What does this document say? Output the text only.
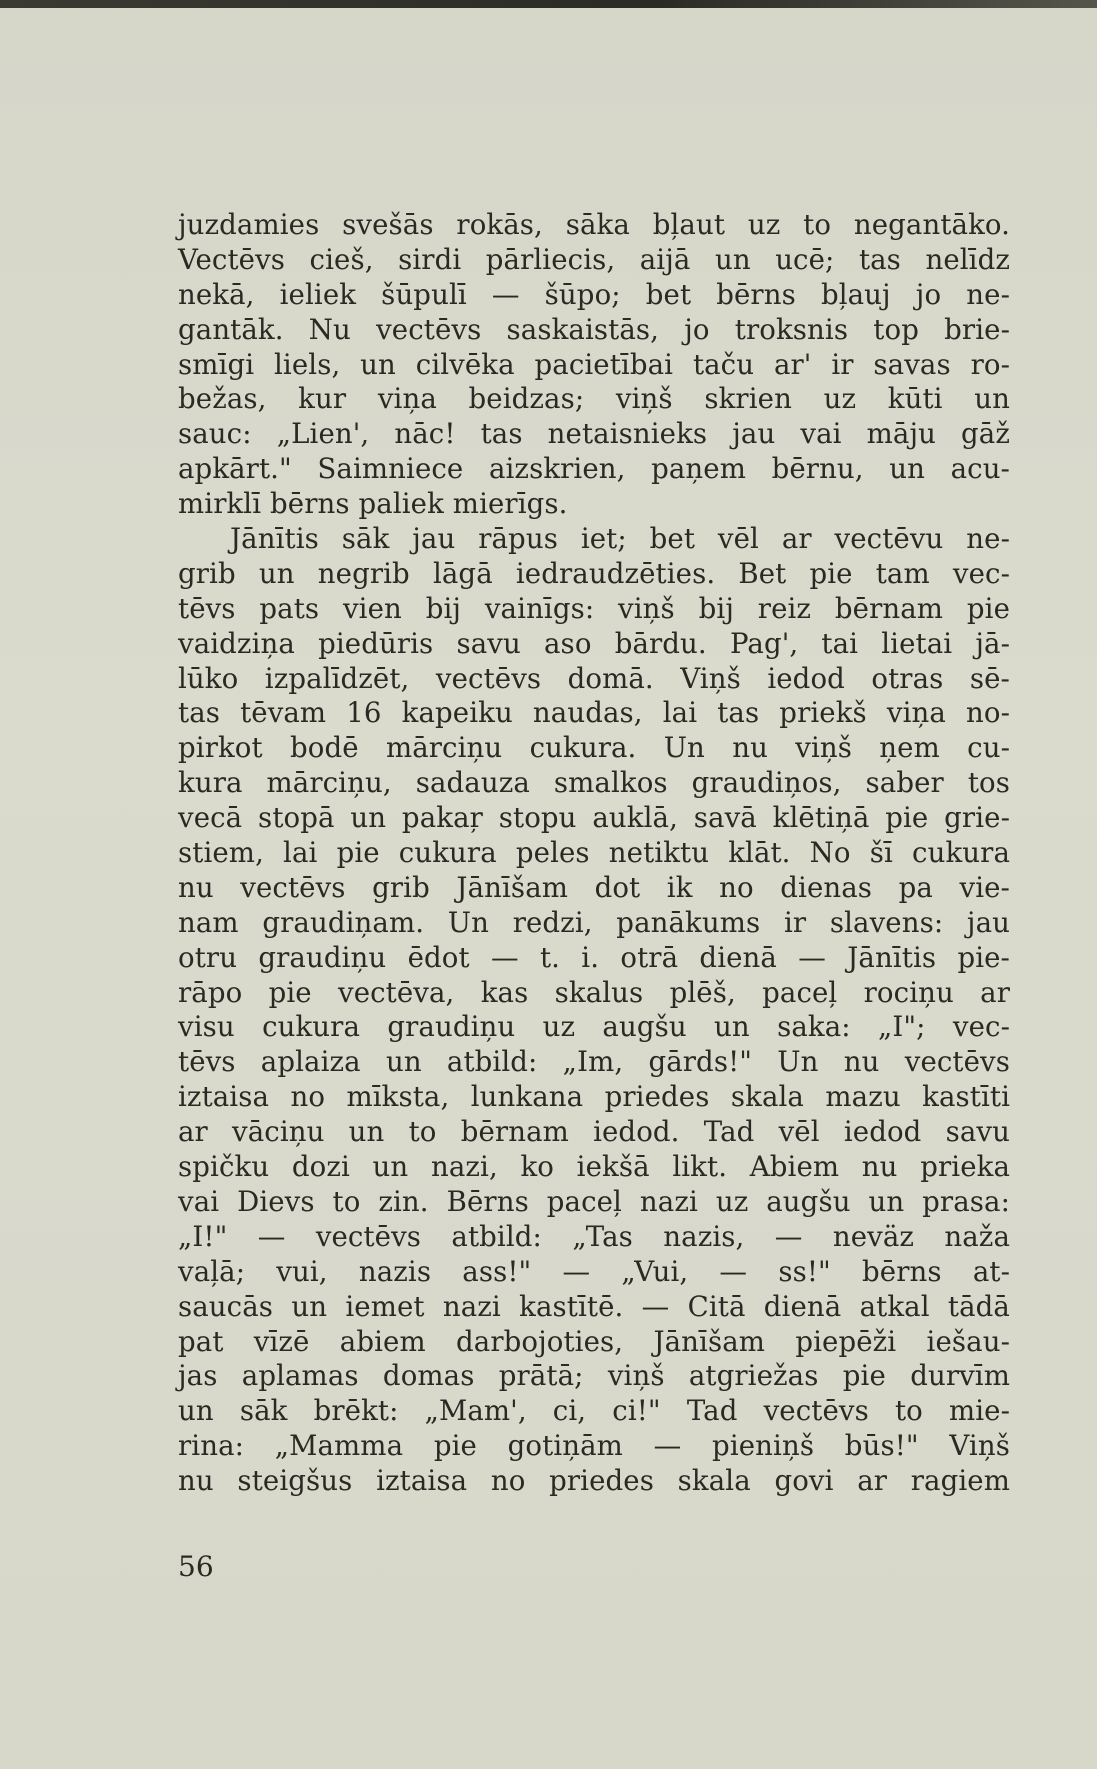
juzdamies svešās rokās, sāka bļaut uz to negantāko.
Vectēvs cieš, sirdi pārliecis, aijā un ucē; tas nelīdz
nekā, ieliek šūpulī — šūpo; bet bērns bļauj jo ne-
gantāk. Nu vectēvs saskaistās, jo troksnis top brie-
smīgi liels, un cilvēka pacietībai taču ar' ir savas ro-
bežas, kur viņa beidzas; viņš skrien uz kūti un
sauc: „Lien', nāc! tas netaisnieks jau vai māju gāž
apkārt." Saimniece aizskrien, paņem bērnu, un acu-
mirklī bērns paliek mierīgs.
Jānītis sāk jau rāpus iet; bet vēl ar vectēvu ne-
grib un negrib lāgā iedraudzēties. Bet pie tam vec-
tēvs pats vien bij vainīgs: viņš bij reiz bērnam pie
vaidziņa piedūris savu aso bārdu. Pag', tai lietai jā-
lūko izpalīdzēt, vectēvs domā. Viņš iedod otras sē-
tas tēvam 16 kapeiku naudas, lai tas priekš viņa no-
pirkot bodē mārciņu cukura. Un nu viņš ņem cu-
kura mārciņu, sadauza smalkos graudiņos, saber tos
vecā stopā un pakaŗ stopu auklā, savā klētiņā pie grie-
stiem, lai pie cukura peles netiktu klāt. No šī cukura
nu vectēvs grib Jānīšam dot ik no dienas pa vie-
nam graudiņam. Un redzi, panākums ir slavens: jau
otru graudiņu ēdot — t. i. otrā dienā — Jānītis pie-
rāpo pie vectēva, kas skalus plēš, paceļ rociņu ar
visu cukura graudiņu uz augšu un saka: „I"; vec-
tēvs aplaiza un atbild: „Im, gārds!" Un nu vectēvs
iztaisa no mīksta, lunkana priedes skala mazu kastīti
ar vāciņu un to bērnam iedod. Tad vēl iedod savu
spičku dozi un nazi, ko iekšā likt. Abiem nu prieka
vai Dievs to zin. Bērns paceļ nazi uz augšu un prasa:
„I!" — vectēvs atbild: „Tas nazis, — neväz naža
vaļā; vui, nazis ass!" — „Vui, — ss!" bērns at-
saucās un iemet nazi kastītē. — Citā dienā atkal tādā
pat vīzē abiem darbojoties, Jānīšam piepēži iešau-
jas aplamas domas prātā; viņš atgriežas pie durvīm
un sāk brēkt: „Mam', ci, ci!" Tad vectēvs to mie-
rina: „Mamma pie gotiņām — pieniņš būs!" Viņš
nu steigšus iztaisa no priedes skala govi ar ragiem
56
